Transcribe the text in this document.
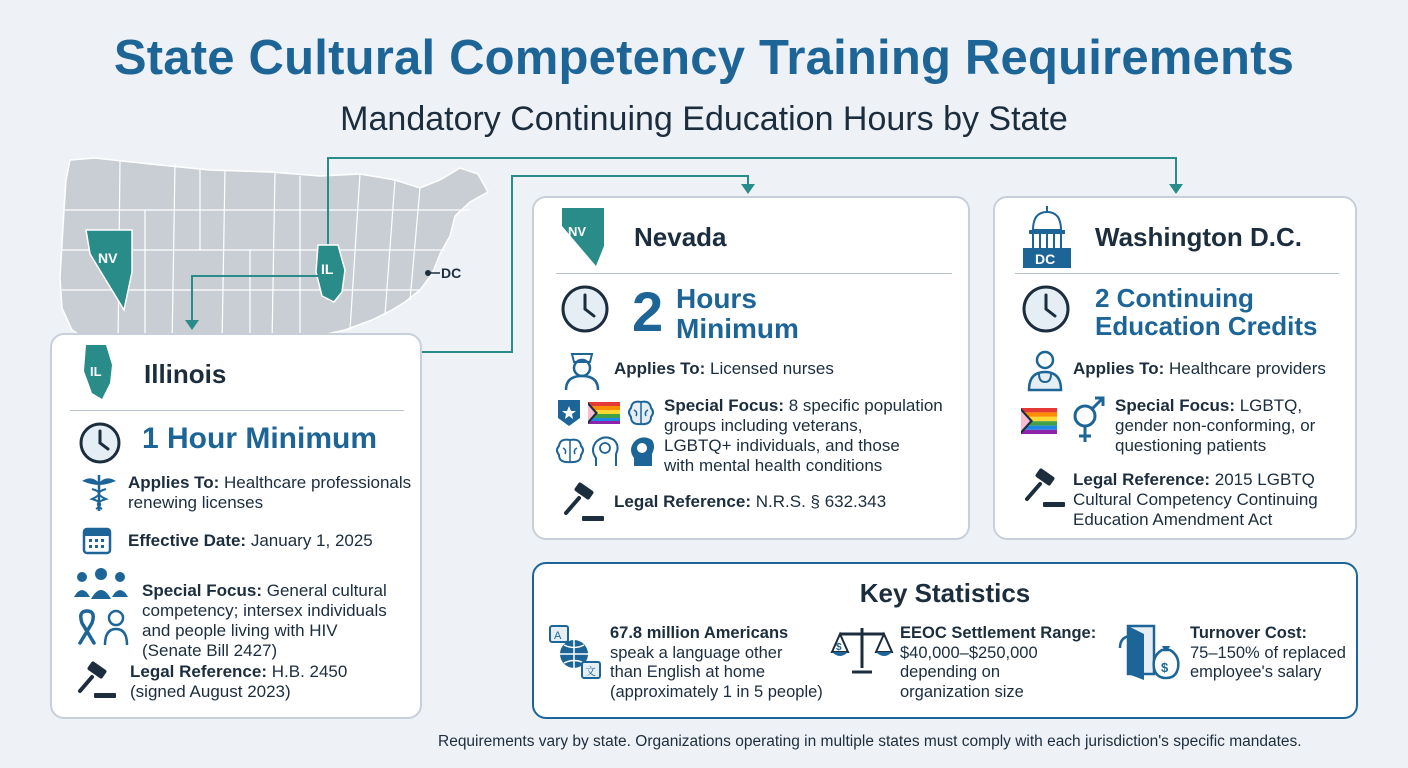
State Cultural Competency Training Requirements
Mandatory Continuing Education Hours by State
NV
IL	DC
IL Illinois
1 Hour Minimum
Applies To: Healthcare professionals
renewing licenses
Effective Date: January 1, 2025
Special Focus: General cultural
competency; intersex individuals
and people living with HIV
(Senate Bill 2427)
Legal Reference: H.B. 2450
(signed August 2023)
NV Nevada
2 Hours
Minimum
Applies To: Licensed nurses
Special Focus: 8 specific population
groups including veterans,
LGBTQ+ individuals, and those
with mental health conditions
Legal Reference: N.R.S. § 632.343
DC
Washington D.C.
2 Continuing
Education Credits
Applies To: Healthcare providers
Special Focus: LGBTQ,
gender non-conforming, or
questioning patients
Legal Reference: 2015 LGBTQ
Cultural Competency Continuing
Education Amendment Act
Key Statistics
A
文
67.8 million Americans
speak a language other
than English at home
(approximately 1 in 5 people)
$
EEOC Settlement Range:
$40,000–$250,000
depending on
organization size
$
Turnover Cost:
75–150% of replaced
employee's salary
Requirements vary by state. Organizations operating in multiple states must comply with each jurisdiction's specific mandates.
